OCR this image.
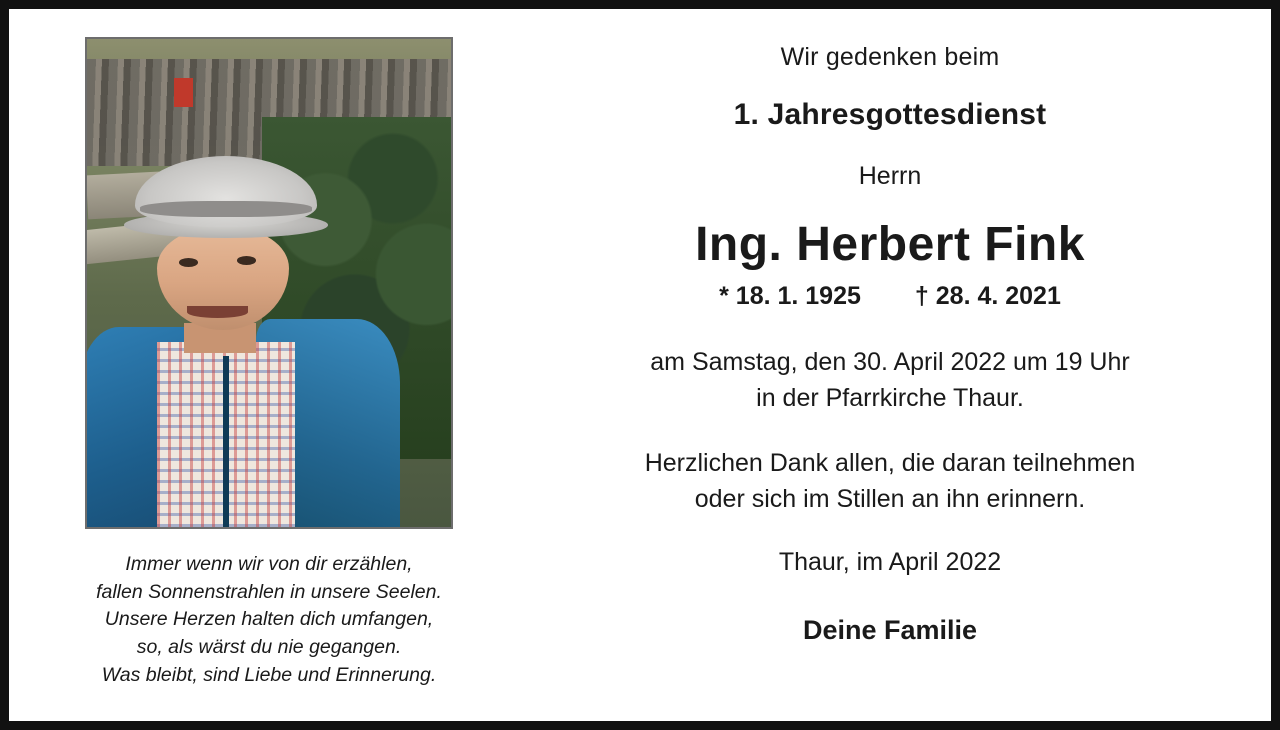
Immer wenn wir von dir erzählen,
fallen Sonnenstrahlen in unsere Seelen.
Unsere Herzen halten dich umfangen,
so, als wärst du nie gegangen.
Was bleibt, sind Liebe und Erinnerung.
Wir gedenken beim
1. Jahresgottesdienst
Herrn
Ing. Herbert Fink
* 18. 1. 1925 † 28. 4. 2021
am Samstag, den 30. April 2022 um 19 Uhr
in der Pfarrkirche Thaur.
Herzlichen Dank allen, die daran teilnehmen
oder sich im Stillen an ihn erinnern.
Thaur, im April 2022
Deine Familie
